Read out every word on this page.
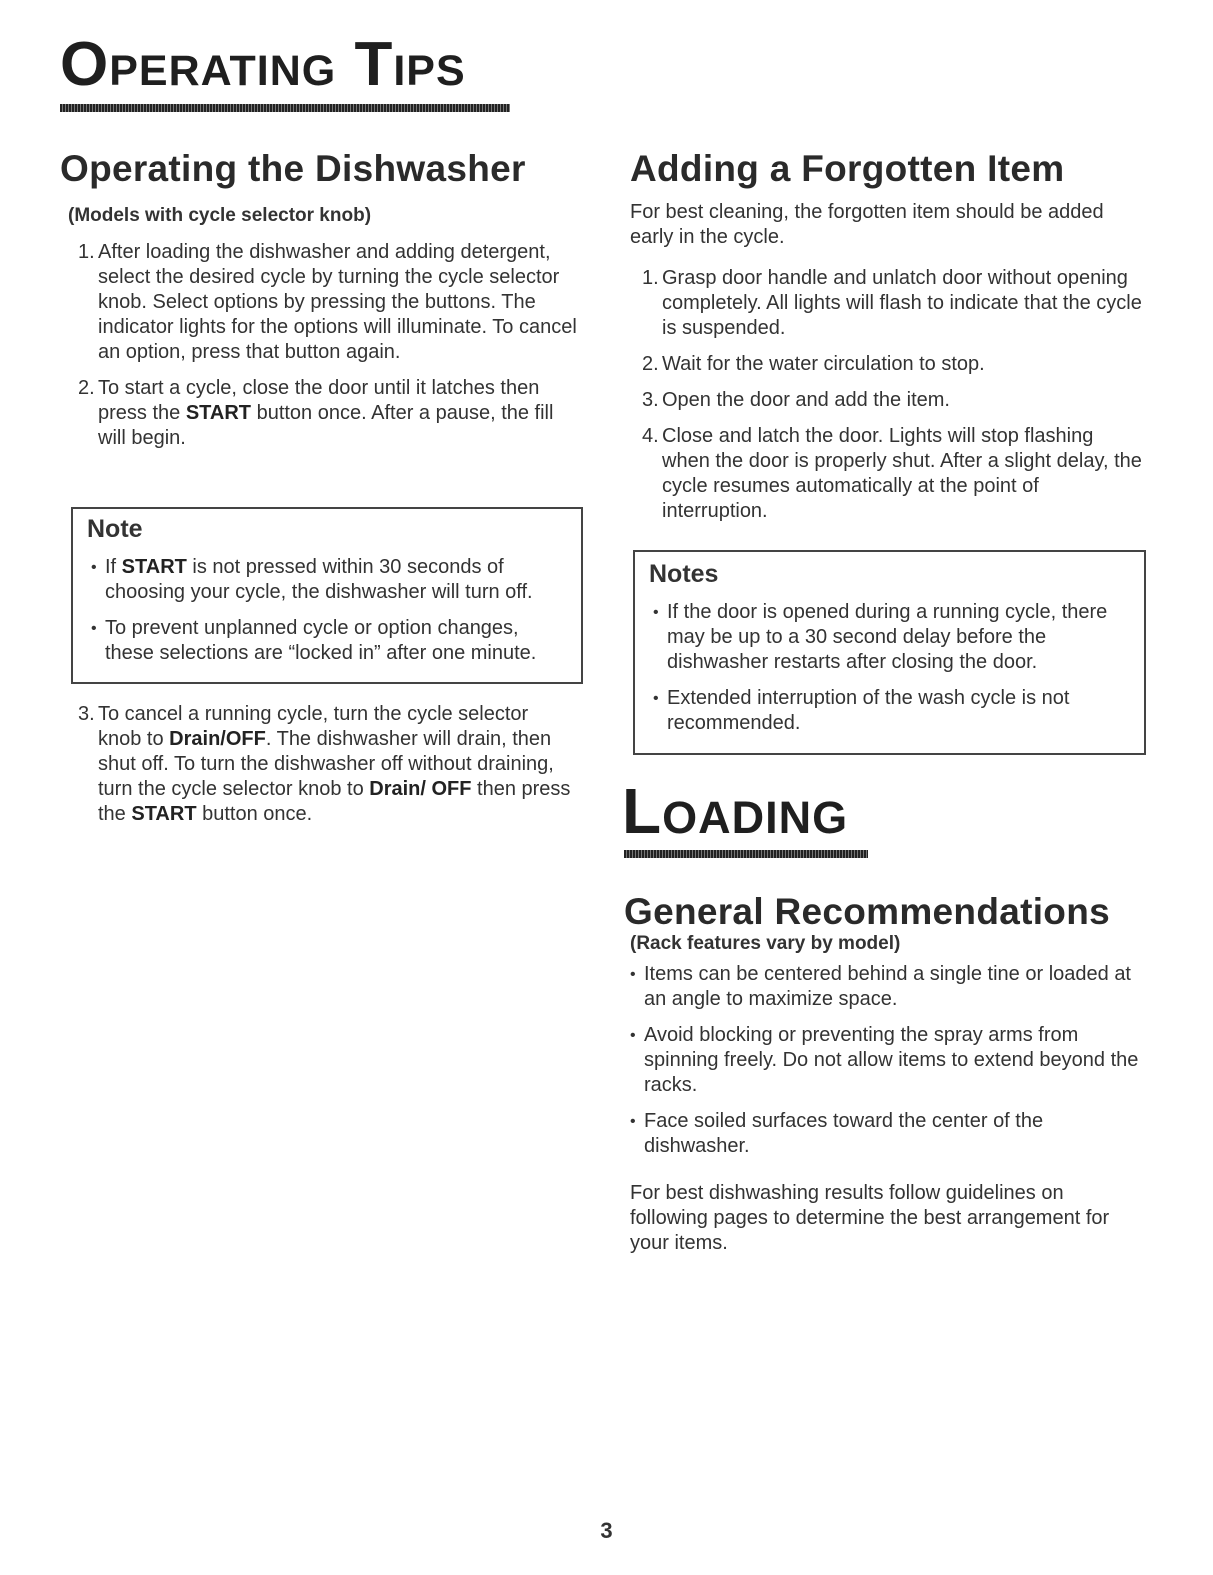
Operating Tips
Operating the Dishwasher
(Models with cycle selector knob)
1. After loading the dishwasher and adding detergent, select the desired cycle by turning the cycle selector knob. Select options by pressing the buttons. The indicator lights for the options will illuminate. To cancel an option, press that button again.
2. To start a cycle, close the door until it latches then press the START button once. After a pause, the fill will begin.
Note
• If START is not pressed within 30 seconds of choosing your cycle, the dishwasher will turn off.
• To prevent unplanned cycle or option changes, these selections are “locked in” after one minute.
3. To cancel a running cycle, turn the cycle selector knob to Drain/OFF. The dishwasher will drain, then shut off. To turn the dishwasher off without draining, turn the cycle selector knob to Drain/ OFF then press the START button once.
Adding a Forgotten Item
For best cleaning, the forgotten item should be added early in the cycle.
1. Grasp door handle and unlatch door without opening completely. All lights will flash to indicate that the cycle is suspended.
2. Wait for the water circulation to stop.
3. Open the door and add the item.
4. Close and latch the door. Lights will stop flashing when the door is properly shut. After a slight delay, the cycle resumes automatically at the point of interruption.
Notes
• If the door is opened during a running cycle, there may be up to a 30 second delay before the dishwasher restarts after closing the door.
• Extended interruption of the wash cycle is not recommended.
Loading
General Recommendations
(Rack features vary by model)
• Items can be centered behind a single tine or loaded at an angle to maximize space.
• Avoid blocking or preventing the spray arms from spinning freely. Do not allow items to extend beyond the racks.
• Face soiled surfaces toward the center of the dishwasher.
For best dishwashing results follow guidelines on following pages to determine the best arrangement for your items.
3
